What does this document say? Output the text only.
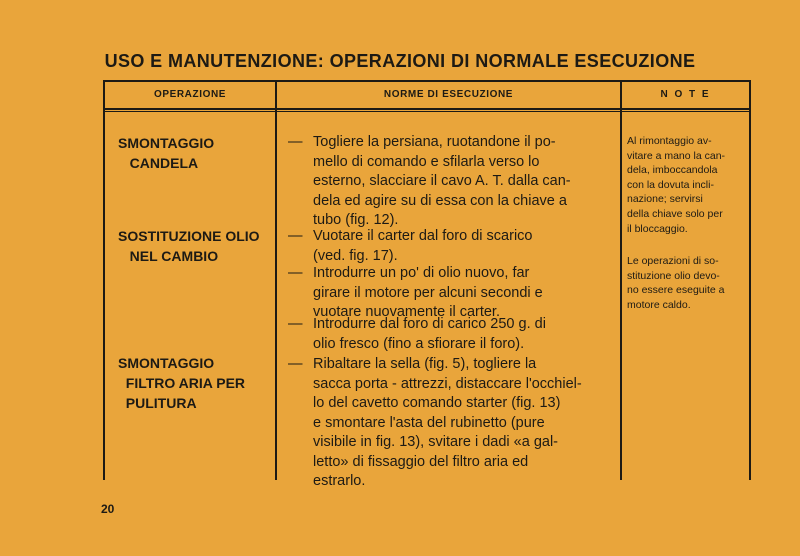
USO E MANUTENZIONE: OPERAZIONI DI NORMALE ESECUZIONE
OPERAZIONE	NORME DI ESECUZIONE	N O T E
SMONTAGGIO
CANDELA
— Togliere la persiana, ruotandone il po-
mello di comando e sfilarla verso lo
esterno, slacciare il cavo A. T. dalla can-
dela ed agire su di essa con la chiave a
tubo (fig. 12).
SOSTITUZIONE OLIO
NEL CAMBIO
— Vuotare il carter dal foro di scarico
(ved. fig. 17).
— Introdurre un po' di olio nuovo, far
girare il motore per alcuni secondi e
vuotare nuovamente il carter.
— Introdurre dal foro di carico 250 g. di
olio fresco (fino a sfiorare il foro).
SMONTAGGIO
FILTRO ARIA PER
PULITURA
— Ribaltare la sella (fig. 5), togliere la
sacca porta - attrezzi, distaccare l'occhiel-
lo del cavetto comando starter (fig. 13)
e smontare l'asta del rubinetto (pure
visibile in fig. 13), svitare i dadi «a gal-
letto» di fissaggio del filtro aria ed
estrarlo.
Al rimontaggio av-
vitare a mano la can-
dela, imboccandola
con la dovuta incli-
nazione; servirsi
della chiave solo per
il bloccaggio.
Le operazioni di so-
stituzione olio devo-
no essere eseguite a
motore caldo.
20
